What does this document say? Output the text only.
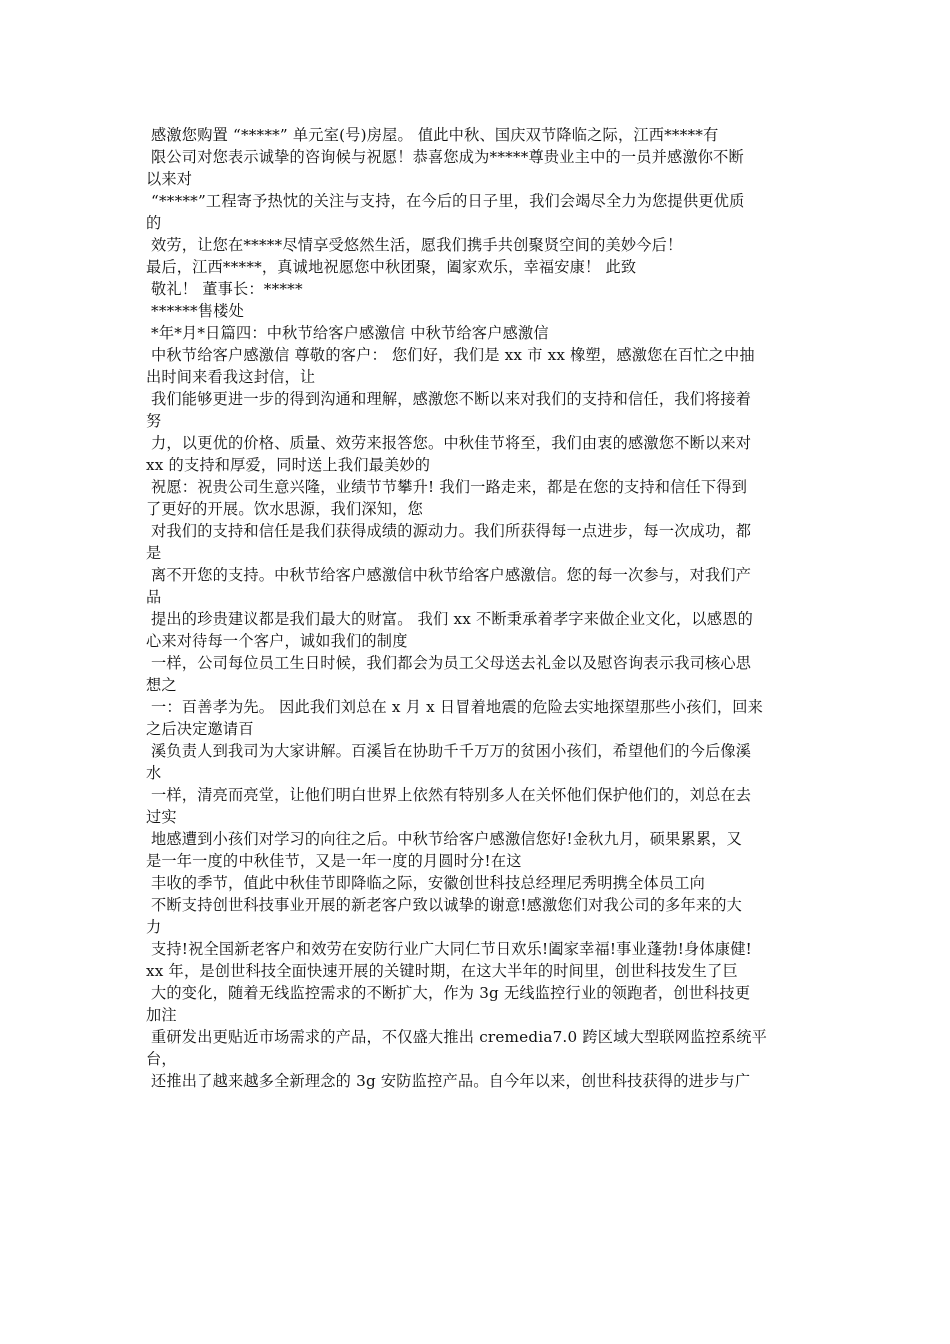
感激您购置 “*****” 单元室(号)房屋。 值此中秋、国庆双节降临之际，江西*****有

限公司对您表示诚挚的咨询候与祝愿！恭喜您成为*****尊贵业主中的一员并感激你不断

以来对

“*****”工程寄予热忱的关注与支持，在今后的日子里，我们会竭尽全力为您提供更优质

的

效劳，让您在*****尽情享受悠然生活，愿我们携手共创聚贤空间的美妙今后！

最后，江西*****，真诚地祝愿您中秋团聚，阖家欢乐，幸福安康！ 此致

敬礼！ 董事长：*****

******售楼处

*年*月*日篇四：中秋节给客户感激信 中秋节给客户感激信

中秋节给客户感激信 尊敬的客户： 您们好，我们是 xx 市 xx 橡塑，感激您在百忙之中抽

出时间来看我这封信，让

我们能够更进一步的得到沟通和理解，感激您不断以来对我们的支持和信任，我们将接着

努

力，以更优的价格、质量、效劳来报答您。中秋佳节将至，我们由衷的感激您不断以来对

xx 的支持和厚爱，同时送上我们最美妙的

祝愿：祝贵公司生意兴隆，业绩节节攀升! 我们一路走来，都是在您的支持和信任下得到

了更好的开展。饮水思源，我们深知，您

对我们的支持和信任是我们获得成绩的源动力。我们所获得每一点进步，每一次成功，都

是

离不开您的支持。中秋节给客户感激信中秋节给客户感激信。您的每一次参与，对我们产

品

提出的珍贵建议都是我们最大的财富。 我们 xx 不断秉承着孝字来做企业文化，以感恩的

心来对待每一个客户，诚如我们的制度

一样，公司每位员工生日时候，我们都会为员工父母送去礼金以及慰咨询表示我司核心思

想之

一：百善孝为先。 因此我们刘总在 x 月 x 日冒着地震的危险去实地探望那些小孩们，回来

之后决定邀请百

溪负责人到我司为大家讲解。百溪旨在协助千千万万的贫困小孩们，希望他们的今后像溪

水

一样，清亮而亮堂，让他们明白世界上依然有特别多人在关怀他们保护他们的，刘总在去

过实

地感遭到小孩们对学习的向往之后。中秋节给客户感激信您好!金秋九月，硕果累累，又

是一年一度的中秋佳节，又是一年一度的月圆时分!在这

丰收的季节，值此中秋佳节即降临之际，安徽创世科技总经理尼秀明携全体员工向

不断支持创世科技事业开展的新老客户致以诚挚的谢意!感激您们对我公司的多年来的大

力

支持!祝全国新老客户和效劳在安防行业广大同仁节日欢乐!阖家幸福!事业蓬勃!身体康健!

xx 年，是创世科技全面快速开展的关键时期，在这大半年的时间里，创世科技发生了巨

大的变化，随着无线监控需求的不断扩大，作为 3g 无线监控行业的领跑者，创世科技更

加注

重研发出更贴近市场需求的产品，不仅盛大推出 cremedia7.0 跨区域大型联网监控系统平

台，

还推出了越来越多全新理念的 3g 安防监控产品。自今年以来，创世科技获得的进步与广
